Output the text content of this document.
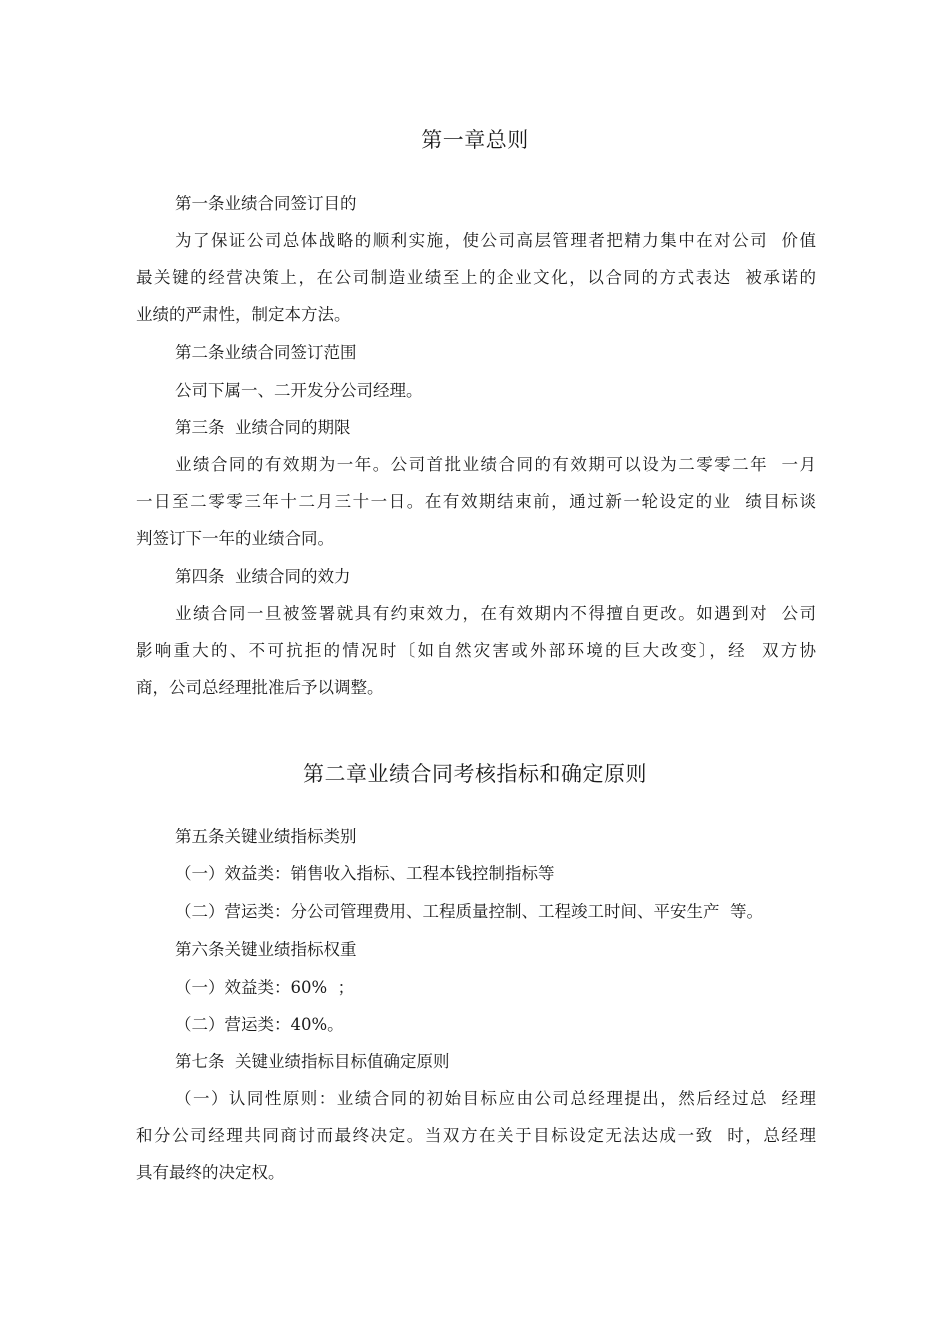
第一章总则
第一条业绩合同签订目的
为了保证公司总体战略的顺利实施，使公司高层管理者把精力集中在对公司  价值
最关键的经营决策上，在公司制造业绩至上的企业文化，以合同的方式表达  被承诺的
业绩的严肃性，制定本方法。
第二条业绩合同签订范围
公司下属一、二开发分公司经理。
第三条  业绩合同的期限
业绩合同的有效期为一年。公司首批业绩合同的有效期可以设为二零零二年  一月
一日至二零零三年十二月三十一日。在有效期结束前，通过新一轮设定的业  绩目标谈
判签订下一年的业绩合同。
第四条  业绩合同的效力
业绩合同一旦被签署就具有约束效力，在有效期内不得擅自更改。如遇到对  公司
影响重大的、不可抗拒的情况时〔如自然灾害或外部环境的巨大改变〕，经  双方协
商，公司总经理批准后予以调整。
第二章业绩合同考核指标和确定原则
第五条关键业绩指标类别
（一）效益类：销售收入指标、工程本钱控制指标等
（二）营运类：分公司管理费用、工程质量控制、工程竣工时间、平安生产  等。
第六条关键业绩指标权重
（一）效益类：60%  ；
（二）营运类：40%。
第七条  关键业绩指标目标值确定原则
（一）认同性原则：业绩合同的初始目标应由公司总经理提出，然后经过总  经理
和分公司经理共同商讨而最终决定。当双方在关于目标设定无法达成一致  时，总经理
具有最终的决定权。
